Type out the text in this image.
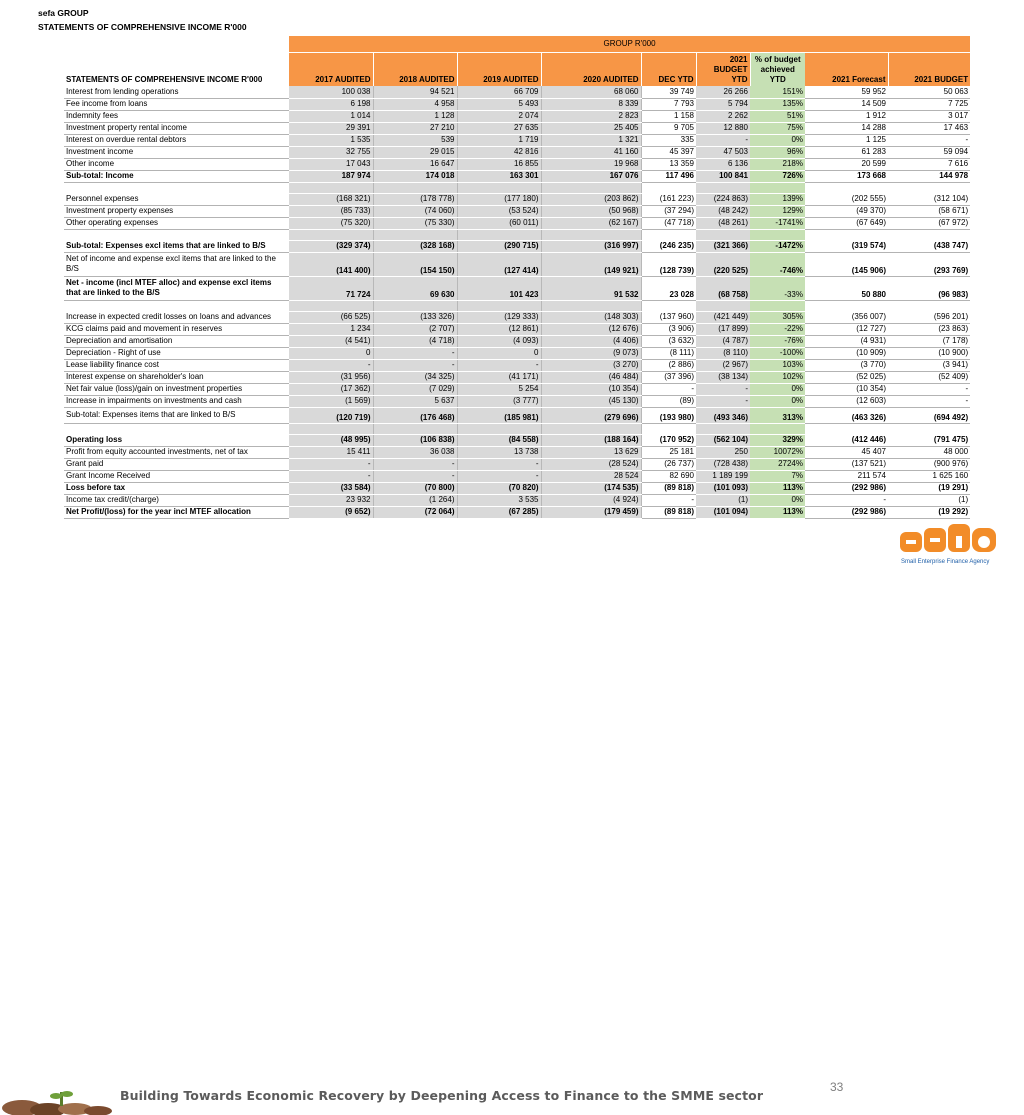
sefa GROUP
STATEMENTS OF COMPREHENSIVE INCOME R'000
	GROUP R'000								
STATEMENTS OF COMPREHENSIVE INCOME R'000	2017 AUDITED	2018 AUDITED	2019 AUDITED	2020 AUDITED	DEC YTD	2021 BUDGET YTD	% of budget achieved YTD	2021 Forecast	2021 BUDGET
Interest from lending operations	100 038	94 521	66 709	68 060	39 749	26 266	151%	59 952	50 063
Fee income from loans	6 198	4 958	5 493	8 339	7 793	5 794	135%	14 509	7 725
Indemnity fees	1 014	1 128	2 074	2 823	1 158	2 262	51%	1 912	3 017
Investment property rental income	29 391	27 210	27 635	25 405	9 705	12 880	75%	14 288	17 463
Interest on overdue rental debtors	1 535	539	1 719	1 321	335	-	0%	1 125	-
Investment income	32 755	29 015	42 816	41 160	45 397	47 503	96%	61 283	59 094
Other income	17 043	16 647	16 855	19 968	13 359	6 136	218%	20 599	7 616
Sub-total: Income	187 974	174 018	163 301	167 076	117 496	100 841	726%	173 668	144 978

Personnel expenses	(168 321)	(178 778)	(177 180)	(203 862)	(161 223)	(224 863)	139%	(202 555)	(312 104)
Investment property expenses	(85 733)	(74 060)	(53 524)	(50 968)	(37 294)	(48 242)	129%	(49 370)	(58 671)
Other operating expenses	(75 320)	(75 330)	(60 011)	(62 167)	(47 718)	(48 261)	-1741%	(67 649)	(67 972)

Sub-total: Expenses excl items that are linked to B/S	(329 374)	(328 168)	(290 715)	(316 997)	(246 235)	(321 366)	-1472%	(319 574)	(438 747)
Net of income and expense excl items that are linked to the B/S	(141 400)	(154 150)	(127 414)	(149 921)	(128 739)	(220 525)	-746%	(145 906)	(293 769)
Net - income (incl MTEF alloc) and expense excl items that are linked to the B/S	71 724	69 630	101 423	91 532	23 028	(68 758)	-33%	50 880	(96 983)

Increase in expected credit losses on loans and advances	(66 525)	(133 326)	(129 333)	(148 303)	(137 960)	(421 449)	305%	(356 007)	(596 201)
KCG claims paid and movement in reserves	1 234	(2 707)	(12 861)	(12 676)	(3 906)	(17 899)	-22%	(12 727)	(23 863)
Depreciation and amortisation	(4 541)	(4 718)	(4 093)	(4 406)	(3 632)	(4 787)	-76%	(4 931)	(7 178)
Depreciation - Right of use	0	-	0	(9 073)	(8 111)	(8 110)	-100%	(10 909)	(10 900)
Lease liability finance cost	-	-	-	(3 270)	(2 886)	(2 967)	103%	(3 770)	(3 941)
Interest expense on shareholder's loan	(31 956)	(34 325)	(41 171)	(46 484)	(37 396)	(38 134)	102%	(52 025)	(52 409)
Net fair value (loss)/gain on investment properties	(17 362)	(7 029)	5 254	(10 354)	-	-	0%	(10 354)	-
Increase in impairments on investments and cash	(1 569)	5 637	(3 777)	(45 130)	(89)	-	0%	(12 603)	-
Sub-total: Expenses items that are linked to B/S	(120 719)	(176 468)	(185 981)	(279 696)	(193 980)	(493 346)	313%	(463 326)	(694 492)

Operating loss	(48 995)	(106 838)	(84 558)	(188 164)	(170 952)	(562 104)	329%	(412 446)	(791 475)
Profit from equity accounted investments, net of tax	15 411	36 038	13 738	13 629	25 181	250	10072%	45 407	48 000
Grant paid	-	-	-	(28 524)	(26 737)	(728 438)	2724%	(137 521)	(900 976)
Grant Income Received	-	-	-	28 524	82 690	1 189 199	7%	211 574	1 625 160
Loss before tax	(33 584)	(70 800)	(70 820)	(174 535)	(89 818)	(101 093)	113%	(292 986)	(19 291)
Income tax credit/(charge)	23 932	(1 264)	3 535	(4 924)	-	(1)	0%	-	(1)
Net Profit/(loss) for the year incl MTEF allocation	(9 652)	(72 064)	(67 285)	(179 459)	(89 818)	(101 094)	113%	(292 986)	(19 292)
Building Towards Economic Recovery by Deepening Access to Finance to the SMME sector
33
Small Enterprise Finance Agency
